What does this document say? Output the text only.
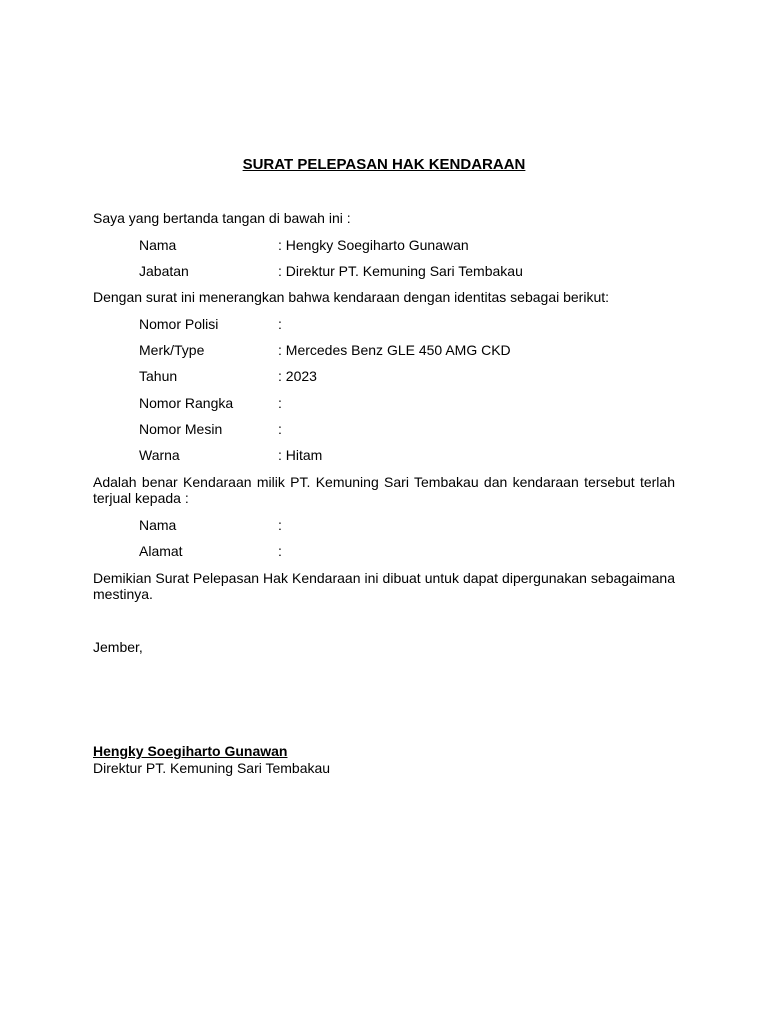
SURAT PELEPASAN HAK KENDARAAN
Saya yang bertanda tangan di bawah ini :
Nama	: Hengky Soegiharto Gunawan
Jabatan	: Direktur PT. Kemuning Sari Tembakau
Dengan surat ini menerangkan bahwa kendaraan dengan identitas sebagai berikut:
Nomor Polisi	:
Merk/Type	: Mercedes Benz GLE 450 AMG CKD
Tahun	: 2023
Nomor Rangka	:
Nomor Mesin	:
Warna	: Hitam
Adalah benar Kendaraan milik PT. Kemuning Sari Tembakau dan kendaraan tersebut terlah terjual kepada :
Nama	:
Alamat	:
Demikian Surat Pelepasan Hak Kendaraan ini dibuat untuk dapat dipergunakan sebagaimana mestinya.
Jember,
Hengky Soegiharto Gunawan
Direktur PT. Kemuning Sari Tembakau
